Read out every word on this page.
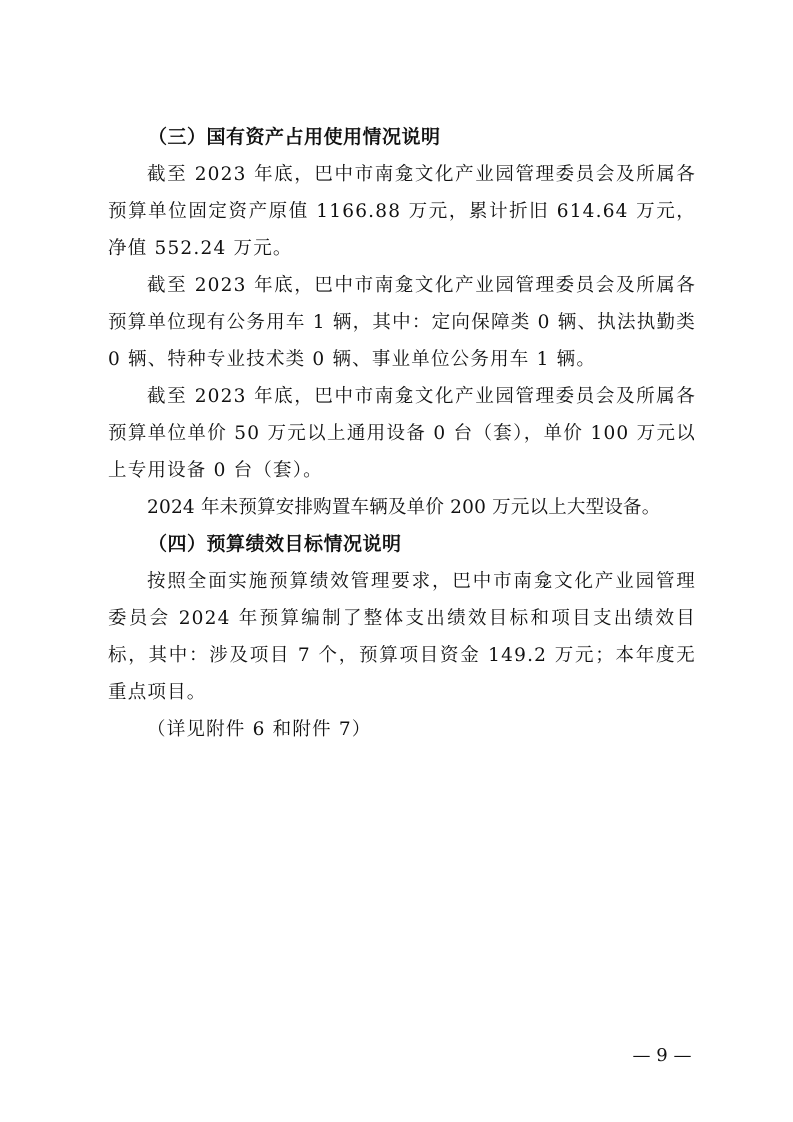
（三）国有资产占用使用情况说明

截至 2023 年底，巴中市南龛文化产业园管理委员会及所属各预算单位固定资产原值 1166.88 万元，累计折旧 614.64 万元，净值 552.24 万元。

截至 2023 年底，巴中市南龛文化产业园管理委员会及所属各预算单位现有公务用车 1 辆，其中：定向保障类 0 辆、执法执勤类 0 辆、特种专业技术类 0 辆、事业单位公务用车 1 辆。

截至 2023 年底，巴中市南龛文化产业园管理委员会及所属各预算单位单价 50 万元以上通用设备 0 台（套），单价 100 万元以上专用设备 0 台（套）。

2024 年未预算安排购置车辆及单价 200 万元以上大型设备。

（四）预算绩效目标情况说明

按照全面实施预算绩效管理要求，巴中市南龛文化产业园管理委员会 2024 年预算编制了整体支出绩效目标和项目支出绩效目标，其中：涉及项目 7 个，预算项目资金 149.2 万元；本年度无重点项目。

（详见附件 6 和附件 7）

— 9 —
